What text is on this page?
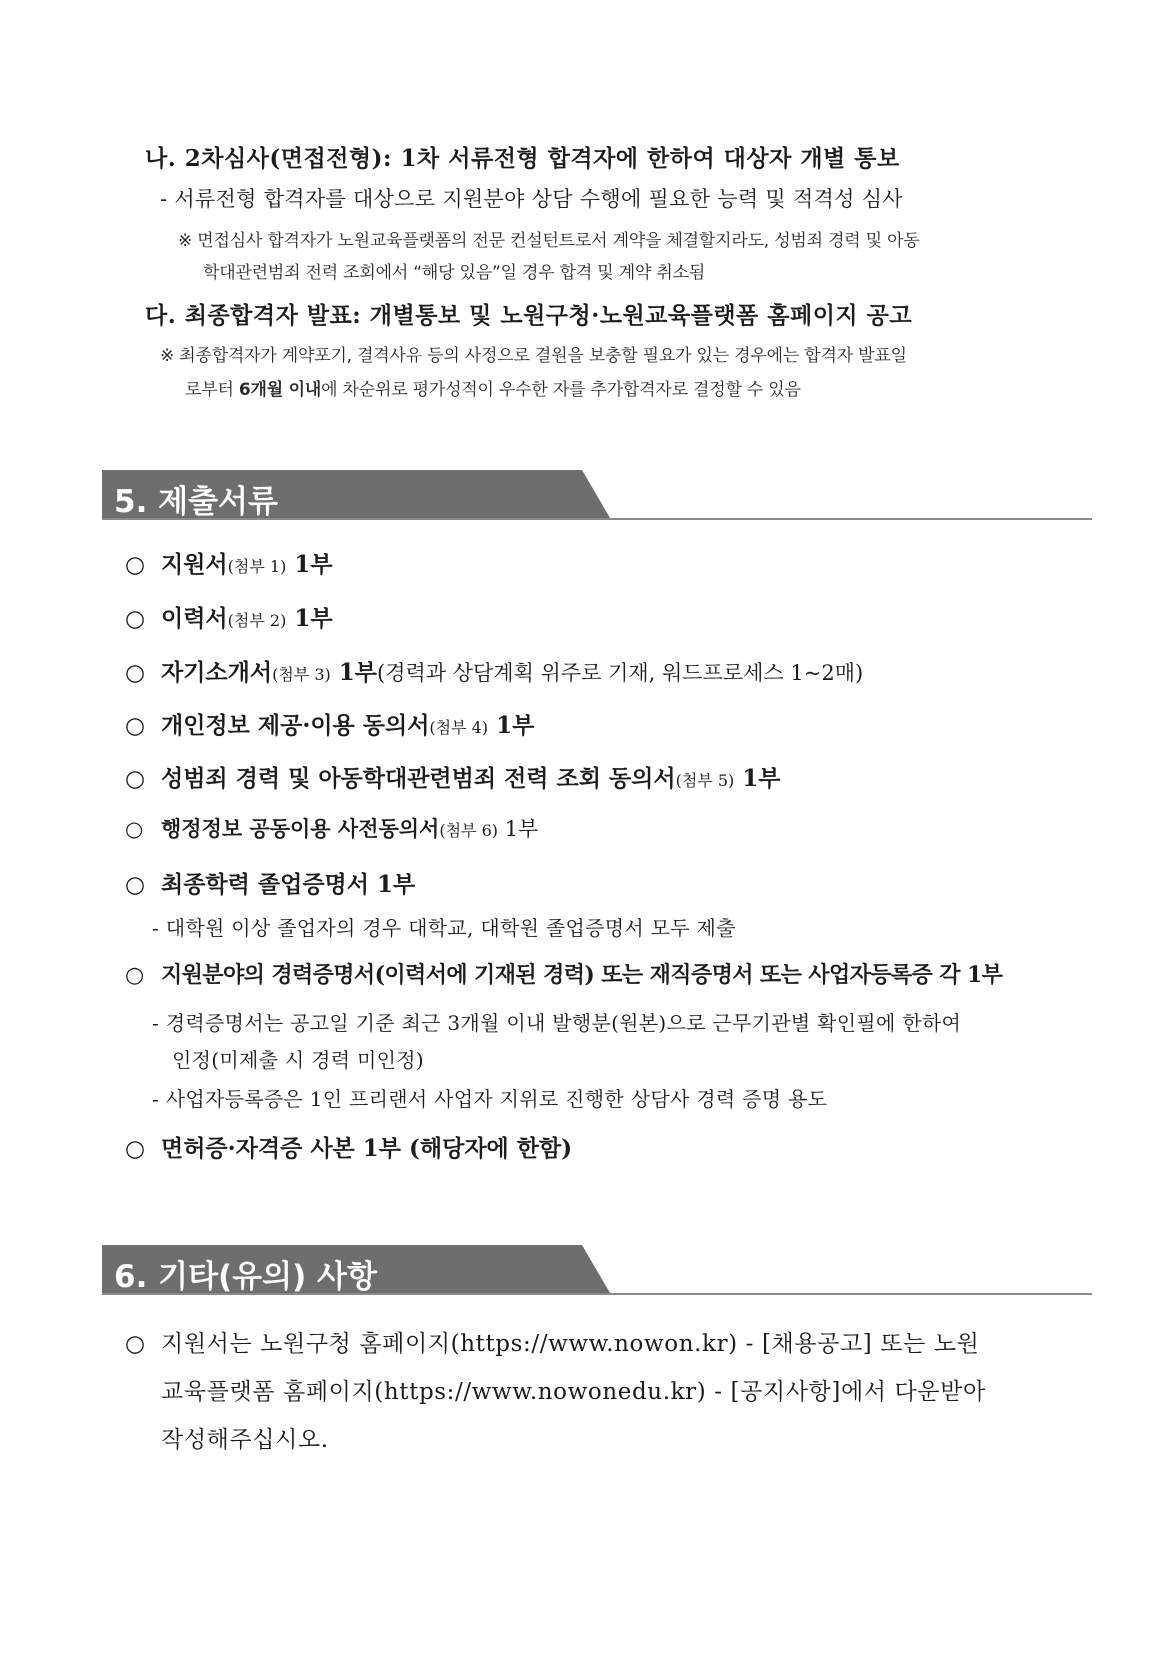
나. 2차심사(면접전형): 1차 서류전형 합격자에 한하여 대상자 개별 통보
- 서류전형 합격자를 대상으로 지원분야 상담 수행에 필요한 능력 및 적격성 심사
※ 면접심사 합격자가 노원교육플랫폼의 전문 컨설턴트로서 계약을 체결할지라도, 성범죄 경력 및 아동
학대관련범죄 전력 조회에서 “해당 있음”일 경우 합격 및 계약 취소됨
다. 최종합격자 발표: 개별통보 및 노원구청·노원교육플랫폼 홈페이지 공고
※ 최종합격자가 계약포기, 결격사유 등의 사정으로 결원을 보충할 필요가 있는 경우에는 합격자 발표일
로부터 6개월 이내에 차순위로 평가성적이 우수한 자를 추가합격자로 결정할 수 있음
5. 제출서류
○ 지원서(첨부 1) 1부
○ 이력서(첨부 2) 1부
○ 자기소개서(첨부 3) 1부(경력과 상담계획 위주로 기재, 워드프로세스 1~2매)
○ 개인정보 제공·이용 동의서(첨부 4) 1부
○ 성범죄 경력 및 아동학대관련범죄 전력 조회 동의서(첨부 5) 1부
○ 행정정보 공동이용 사전동의서(첨부 6) 1부
○ 최종학력 졸업증명서 1부
- 대학원 이상 졸업자의 경우 대학교, 대학원 졸업증명서 모두 제출
○ 지원분야의 경력증명서(이력서에 기재된 경력) 또는 재직증명서 또는 사업자등록증 각 1부
- 경력증명서는 공고일 기준 최근 3개월 이내 발행분(원본)으로 근무기관별 확인필에 한하여
인정(미제출 시 경력 미인정)
- 사업자등록증은 1인 프리랜서 사업자 지위로 진행한 상담사 경력 증명 용도
○ 면허증·자격증 사본 1부 (해당자에 한함)
6. 기타(유의) 사항
○ 지원서는 노원구청 홈페이지(https://www.nowon.kr) - [채용공고] 또는 노원
교육플랫폼 홈페이지(https://www.nowonedu.kr) - [공지사항]에서 다운받아
작성해주십시오.
